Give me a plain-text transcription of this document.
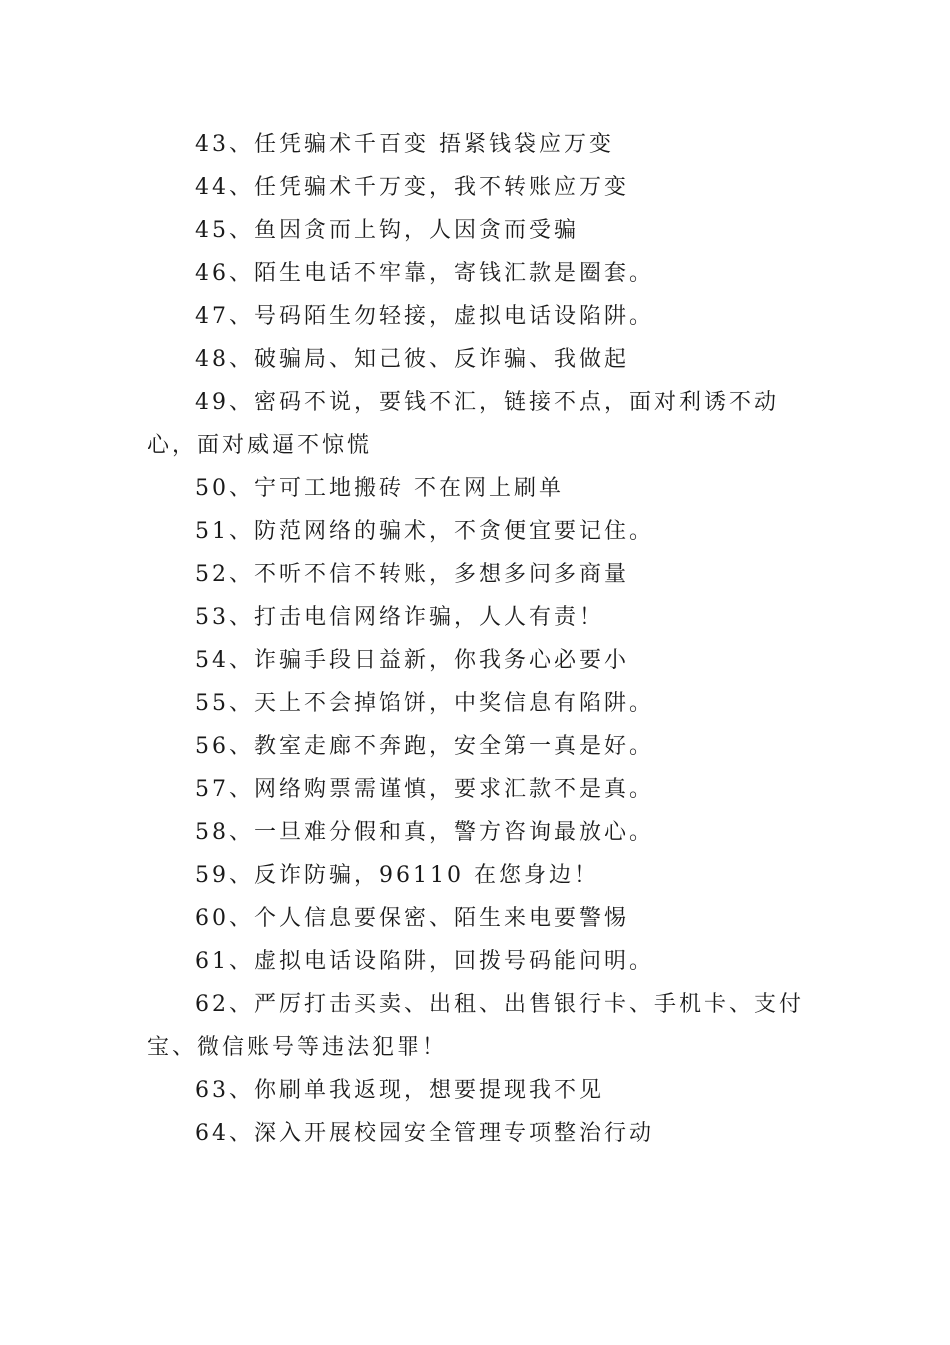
43、任凭骗术千百变 捂紧钱袋应万变

44、任凭骗术千万变，我不转账应万变

45、鱼因贪而上钩，人因贪而受骗

46、陌生电话不牢靠，寄钱汇款是圈套。

47、号码陌生勿轻接，虚拟电话设陷阱。

48、破骗局、知己彼、反诈骗、我做起

49、密码不说，要钱不汇，链接不点，面对利诱不动心，面对威逼不惊慌

50、宁可工地搬砖 不在网上刷单

51、防范网络的骗术，不贪便宜要记住。

52、不听不信不转账，多想多问多商量

53、打击电信网络诈骗，人人有责！

54、诈骗手段日益新，你我务心必要小

55、天上不会掉馅饼，中奖信息有陷阱。

56、教室走廊不奔跑，安全第一真是好。

57、网络购票需谨慎，要求汇款不是真。

58、一旦难分假和真，警方咨询最放心。

59、反诈防骗，96110 在您身边！

60、个人信息要保密、陌生来电要警惕

61、虚拟电话设陷阱，回拨号码能问明。

62、严厉打击买卖、出租、出售银行卡、手机卡、支付宝、微信账号等违法犯罪！

63、你刷单我返现，想要提现我不见

64、深入开展校园安全管理专项整治行动
